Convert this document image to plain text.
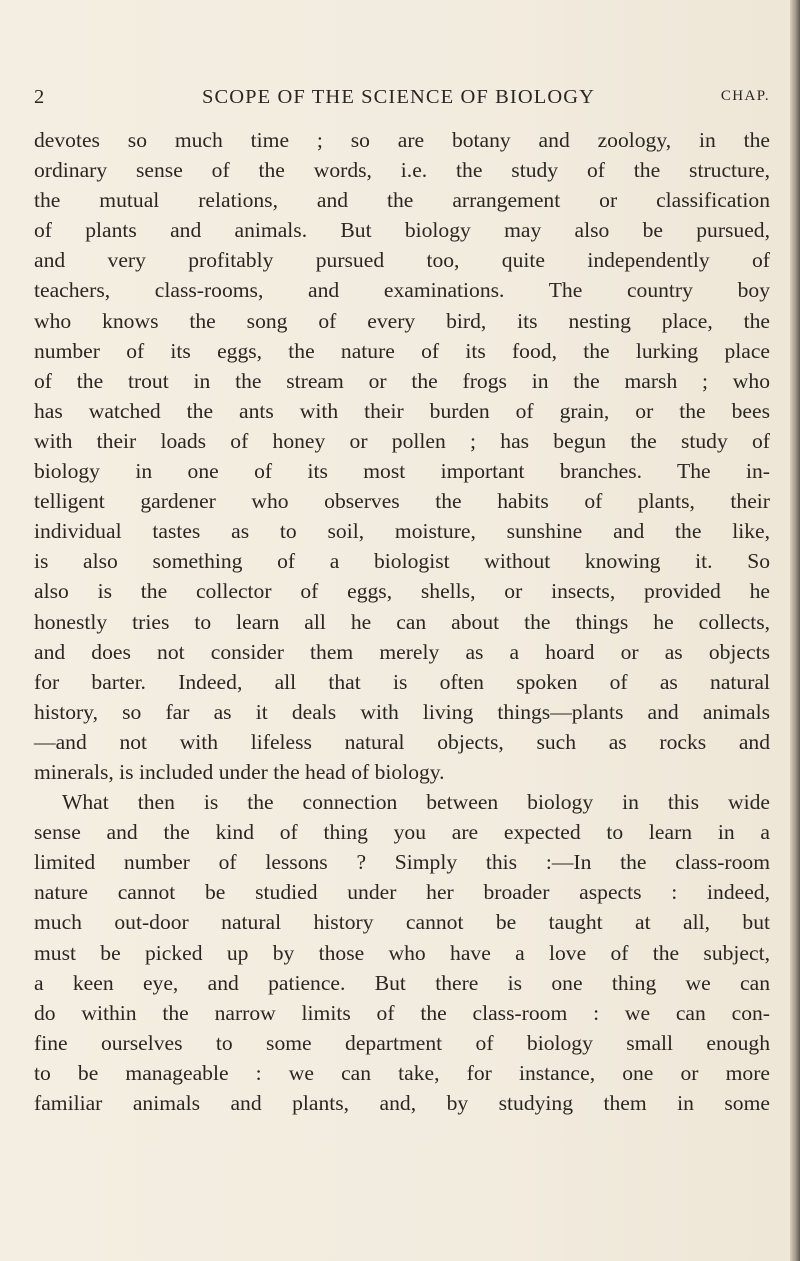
2	SCOPE OF THE SCIENCE OF BIOLOGY	CHAP.
devotes so much time ; so are botany and zoology, in the
ordinary sense of the words, i.e. the study of the structure,
the mutual relations, and the arrangement or classification
of plants and animals. But biology may also be pursued,
and very profitably pursued too, quite independently of
teachers, class-rooms, and examinations. The country boy
who knows the song of every bird, its nesting place, the
number of its eggs, the nature of its food, the lurking place
of the trout in the stream or the frogs in the marsh ; who
has watched the ants with their burden of grain, or the bees
with their loads of honey or pollen ; has begun the study of
biology in one of its most important branches. The in-
telligent gardener who observes the habits of plants, their
individual tastes as to soil, moisture, sunshine and the like,
is also something of a biologist without knowing it. So
also is the collector of eggs, shells, or insects, provided he
honestly tries to learn all he can about the things he collects,
and does not consider them merely as a hoard or as objects
for barter. Indeed, all that is often spoken of as natural
history, so far as it deals with living things—plants and animals
—and not with lifeless natural objects, such as rocks and
minerals, is included under the head of biology.
What then is the connection between biology in this wide
sense and the kind of thing you are expected to learn in a
limited number of lessons ? Simply this :—In the class-room
nature cannot be studied under her broader aspects : indeed,
much out-door natural history cannot be taught at all, but
must be picked up by those who have a love of the subject,
a keen eye, and patience. But there is one thing we can
do within the narrow limits of the class-room : we can con-
fine ourselves to some department of biology small enough
to be manageable : we can take, for instance, one or more
familiar animals and plants, and, by studying them in some
